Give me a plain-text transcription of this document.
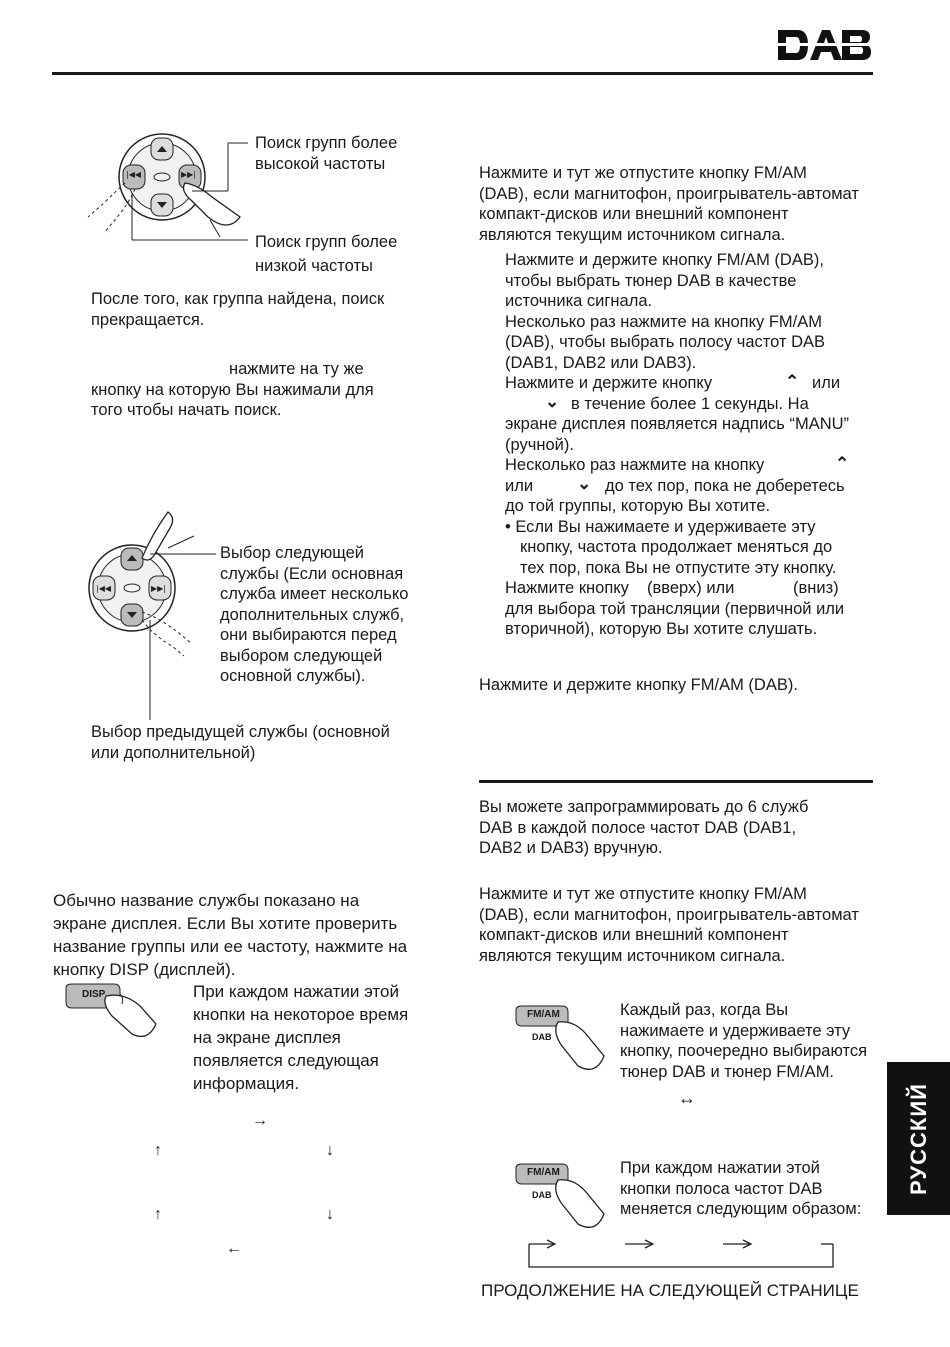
|◀◀	▶▶|
Поиск групп более
высокой частоты
Поиск групп более
низкой частоты
После того, как группа найдена, поиск
прекращается.
нажмите на ту же
кнопку на которую Вы нажимали для
того чтобы начать поиск.
|◀◀	▶▶|
Выбор следующей
службы (Если основная
служба имеет несколько
дополнительных служб,
они выбираются перед
выбором следующей
основной службы).
Выбор предыдущей службы (основной
или дополнительной)
Обычно название службы показано на
экране дисплея. Если Вы хотите проверить
название группы или ее частоту, нажмите на
кнопку DISP (дисплей).
DISP	При каждом нажатии этой
кнопки на некоторое время
на экране дисплея
появляется следующая
информация.
→
↑	↓
↑	↓
←
Нажмите и тут же отпустите кнопку FM/AM
(DAB), если магнитофон, проигрыватель-автомат
компакт-дисков или внешний компонент
являются текущим источником сигнала.
Нажмите и держите кнопку FM/AM (DAB),
чтобы выбрать тюнер DAB в качестве
источника сигнала.
Несколько раз нажмите на кнопку FM/AM
(DAB), чтобы выбрать полосу частот DAB
(DAB1, DAB2 или DAB3).
Нажмите и держите кнопку	⌃ или
⌄ в течение более 1 секунды. На
экране дисплея появляется надпись “MANU”
(ручной).
Несколько раз нажмите на кнопку	⌃
или	⌄ до тех пор, пока не доберетесь
до той группы, которую Вы хотите.
• Если Вы нажимаете и удерживаете эту
кнопку, частота продолжает меняться до
тех пор, пока Вы не отпустите эту кнопку.
Нажмите кнопку (вверх) или	(вниз)
для выбора той трансляции (первичной или
вторичной), которую Вы хотите слушать.
Нажмите и держите кнопку FM/AM (DAB).
Вы можете запрограммировать до 6 служб
DAB в каждой полосе частот DAB (DAB1,
DAB2 и DAB3) вручную.
Нажмите и тут же отпустите кнопку FM/AM
(DAB), если магнитофон, проигрыватель-автомат
компакт-дисков или внешний компонент
являются текущим источником сигнала.
FM/AM
DAB
Каждый раз, когда Вы
нажимаете и удерживаете эту
кнопку, поочередно выбираются
тюнер DAB и тюнер FM/AM.
↔
FM/AM
DAB
При каждом нажатии этой
кнопки полоса частот DAB
меняется следующим образом:
ПРОДОЛЖЕНИЕ НА СЛЕДУЮЩЕЙ СТРАНИЦЕ
РУССКИЙ
